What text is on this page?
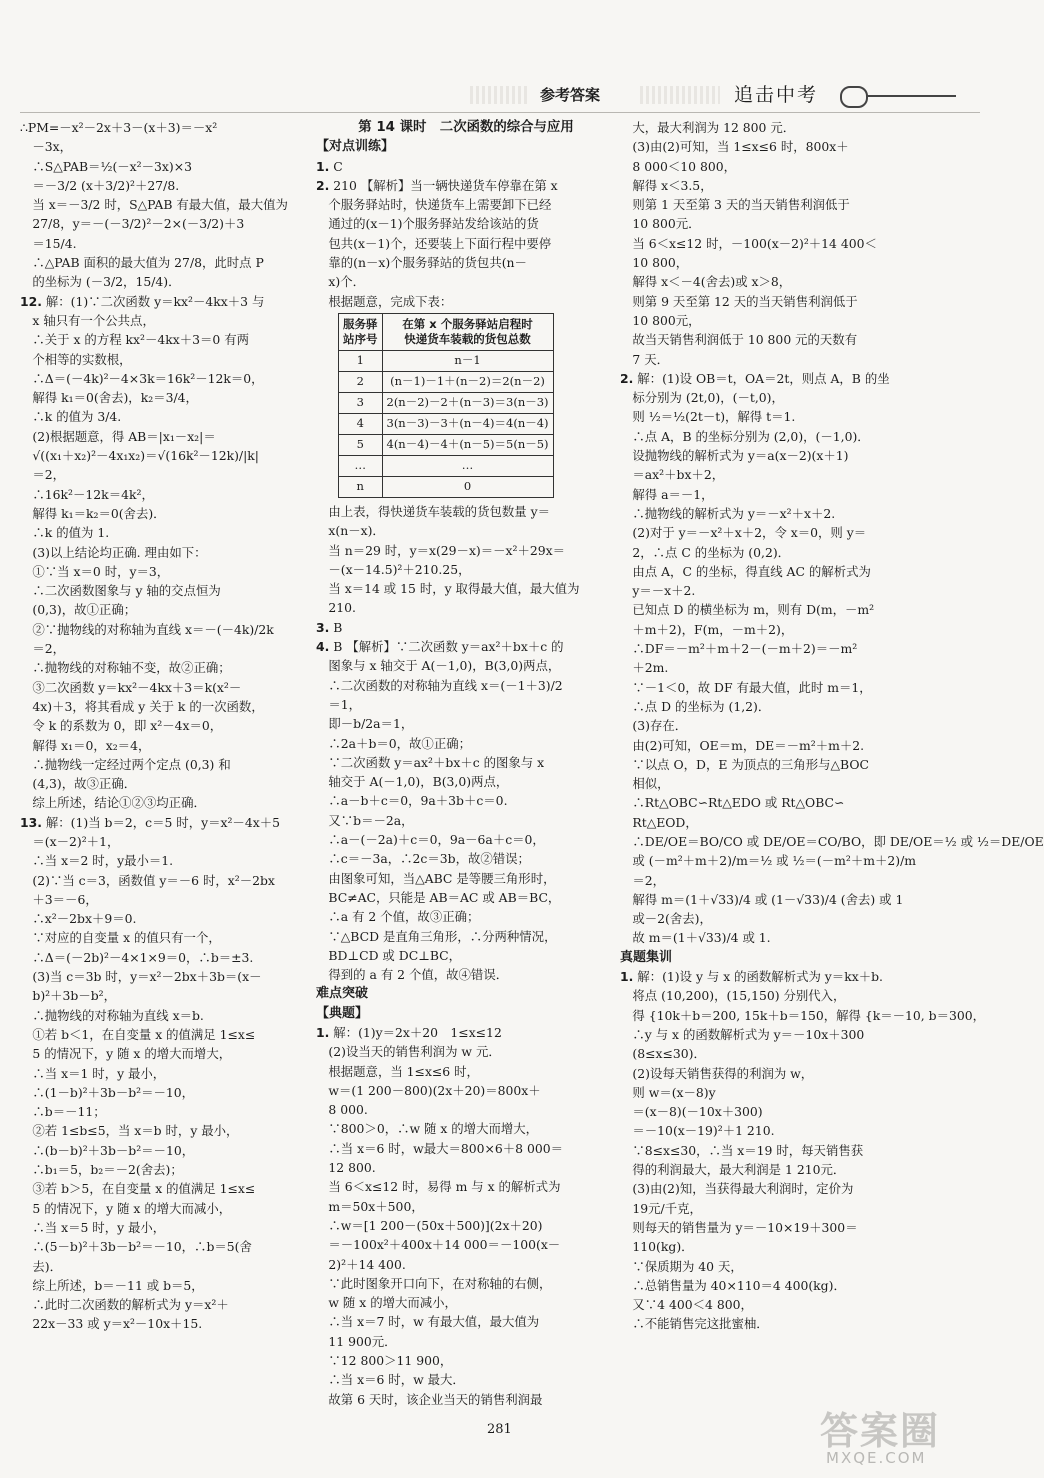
参考答案	追击中考
∴PM=－x²－2x＋3－(x＋3)＝－x²
　－3x，
　∴S△PAB＝½(－x²－3x)×3
　＝－3/2 (x＋3/2)²＋27/8.
　当 x＝－3/2 时，S△PAB 有最大值，最大值为
　27/8，y＝－(－3/2)²－2×(－3/2)＋3
　＝15/4.
　∴△PAB 面积的最大值为 27/8，此时点 P
　的坐标为 (－3/2，15/4)．
12. 解：(1)∵二次函数 y＝kx²－4kx＋3 与
　x 轴只有一个公共点，
　∴关于 x 的方程 kx²－4kx＋3＝0 有两
　个相等的实数根，
　∴Δ＝(－4k)²－4×3k＝16k²－12k＝0，
　解得 k₁＝0(舍去)，k₂＝3/4，
　∴k 的值为 3/4.
　(2)根据题意，得 AB＝|x₁－x₂|＝
　√((x₁＋x₂)²－4x₁x₂)＝√(16k²－12k)/|k|
　＝2，
　∴16k²－12k＝4k²，
　解得 k₁＝k₂＝0(舍去)．
　∴k 的值为 1.
　(3)以上结论均正确. 理由如下：
　①∵当 x＝0 时，y＝3，
　∴二次函数图象与 y 轴的交点恒为
　(0,3)，故①正确；
　②∵抛物线的对称轴为直线 x＝－(－4k)/2k
　＝2，
　∴抛物线的对称轴不变，故②正确；
　③二次函数 y＝kx²－4kx＋3＝k(x²－
　4x)＋3，将其看成 y 关于 k 的一次函数，
　令 k 的系数为 0，即 x²－4x＝0，
　解得 x₁＝0，x₂＝4，
　∴抛物线一定经过两个定点 (0,3) 和
　(4,3)，故③正确．
　综上所述，结论①②③均正确．
13. 解：(1)当 b＝2，c＝5 时，y＝x²－4x＋5
　＝(x－2)²＋1，
　∴当 x＝2 时，y最小＝1.
　(2)∵当 c＝3，函数值 y＝－6 时，x²－2bx
　＋3＝－6，
　∴x²－2bx＋9＝0.
　∵对应的自变量 x 的值只有一个，
　∴Δ＝(－2b)²－4×1×9＝0，∴b＝±3.
　(3)当 c＝3b 时，y＝x²－2bx＋3b＝(x－
　b)²＋3b－b²，
　∴抛物线的对称轴为直线 x＝b.
　①若 b＜1，在自变量 x 的值满足 1≤x≤
　5 的情况下，y 随 x 的增大而增大，
　∴当 x＝1 时，y 最小，
　∴(1－b)²＋3b－b²＝－10，
　∴b＝－11；
　②若 1≤b≤5，当 x＝b 时，y 最小，
　∴(b－b)²＋3b－b²＝－10，
　∴b₁＝5，b₂＝－2(舍去)；
　③若 b＞5，在自变量 x 的值满足 1≤x≤
　5 的情况下，y 随 x 的增大而减小，
　∴当 x＝5 时，y 最小，
　∴(5－b)²＋3b－b²＝－10，∴b＝5(舍
　去)．
　综上所述，b＝－11 或 b＝5，
　∴此时二次函数的解析式为 y＝x²＋
　22x－33 或 y＝x²－10x＋15.
第 14 课时　二次函数的综合与应用
【对点训练】
1. C
2. 210 【解析】当一辆快递货车停靠在第 x
　个服务驿站时，快递货车上需要卸下已经
　通过的(x－1)个服务驿站发给该站的货
　包共(x－1)个，还要装上下面行程中要停
　靠的(n－x)个服务驿站的货包共(n－
　x)个．
　根据题意，完成下表：
服务驿
站序号	在第 x 个服务驿站启程时
快递货车装载的货包总数
1	n－1
2	(n－1)－1＋(n－2)＝2(n－2)
3	2(n－2)－2＋(n－3)＝3(n－3)
4	3(n－3)－3＋(n－4)＝4(n－4)
5	4(n－4)－4＋(n－5)＝5(n－5)
…	…
n	0
　由上表，得快递货车装载的货包数量 y＝
　x(n－x)．
　当 n＝29 时，y＝x(29－x)＝－x²＋29x＝
　－(x－14.5)²＋210.25，
　当 x＝14 或 15 时，y 取得最大值，最大值为
　210.
3. B
4. B 【解析】∵二次函数 y＝ax²＋bx＋c 的
　图象与 x 轴交于 A(－1,0)，B(3,0)两点，
　∴二次函数的对称轴为直线 x＝(－1＋3)/2
　＝1，
　即－b/2a＝1，
　∴2a＋b＝0，故①正确；
　∵二次函数 y＝ax²＋bx＋c 的图象与 x
　轴交于 A(－1,0)，B(3,0)两点，
　∴a－b＋c＝0，9a＋3b＋c＝0.
　又∵b＝－2a，
　∴a－(－2a)＋c＝0，9a－6a＋c＝0，
　∴c＝－3a，∴2c＝3b，故②错误；
　由图象可知，当△ABC 是等腰三角形时，
　BC≠AC，只能是 AB＝AC 或 AB＝BC，
　∴a 有 2 个值，故③正确；
　∵△BCD 是直角三角形，∴分两种情况，
　BD⊥CD 或 DC⊥BC，
　得到的 a 有 2 个值，故④错误．
难点突破
【典题】
1. 解：(1)y＝2x＋20　1≤x≤12
　(2)设当天的销售利润为 w 元．
　根据题意，当 1≤x≤6 时，
　w＝(1 200－800)(2x＋20)＝800x＋
　8 000.
　∵800＞0，∴w 随 x 的增大而增大，
　∴当 x＝6 时，w最大＝800×6＋8 000＝
　12 800.
　当 6＜x≤12 时，易得 m 与 x 的解析式为
　m＝50x＋500，
　∴w＝[1 200－(50x＋500)](2x＋20)
　＝－100x²＋400x＋14 000＝－100(x－
　2)²＋14 400.
　∵此时图象开口向下，在对称轴的右侧，
　w 随 x 的增大而减小，
　∴当 x＝7 时，w 有最大值，最大值为
　11 900元．
　∵12 800＞11 900，
　∴当 x＝6 时，w 最大．
　故第 6 天时，该企业当天的销售利润最
　大，最大利润为 12 800 元．
　(3)由(2)可知，当 1≤x≤6 时，800x＋
　8 000＜10 800，
　解得 x＜3.5，
　则第 1 天至第 3 天的当天销售利润低于
　10 800元．
　当 6＜x≤12 时，－100(x－2)²＋14 400＜
　10 800，
　解得 x＜－4(舍去)或 x＞8，
　则第 9 天至第 12 天的当天销售利润低于
　10 800元，
　故当天销售利润低于 10 800 元的天数有
　7 天．
2. 解：(1)设 OB＝t，OA＝2t，则点 A，B 的坐
　标分别为 (2t,0)，(－t,0)，
　则 ½＝½(2t－t)，解得 t＝1.
　∴点 A，B 的坐标分别为 (2,0)，(－1,0)．
　设抛物线的解析式为 y＝a(x－2)(x＋1)
　＝ax²＋bx＋2，
　解得 a＝－1，
　∴抛物线的解析式为 y＝－x²＋x＋2.
　(2)对于 y＝－x²＋x＋2，令 x＝0，则 y＝
　2，∴点 C 的坐标为 (0,2)．
　由点 A，C 的坐标，得直线 AC 的解析式为
　y＝－x＋2.
　已知点 D 的横坐标为 m，则有 D(m，－m²
　＋m＋2)，F(m，－m＋2)，
　∴DF＝－m²＋m＋2－(－m＋2)＝－m²
　＋2m.
　∵－1＜0，故 DF 有最大值，此时 m＝1，
　∴点 D 的坐标为 (1,2)．
　(3)存在．
　由(2)可知，OE＝m，DE＝－m²＋m＋2.
　∵以点 O，D，E 为顶点的三角形与△BOC
　相似，
　∴Rt△OBC∽Rt△EDO 或 Rt△OBC∽
　Rt△EOD，
　∴DE/OE＝BO/CO 或 DE/OE＝CO/BO，即 DE/OE＝½ 或 ½＝DE/OE
　或 (－m²＋m＋2)/m＝½ 或 ½＝(－m²＋m＋2)/m
　＝2，
　解得 m＝(1＋√33)/4 或 (1－√33)/4 (舍去) 或 1
　或－2(舍去)，
　故 m＝(1＋√33)/4 或 1.
真题集训
1. 解：(1)设 y 与 x 的函数解析式为 y＝kx＋b.
　将点 (10,200)，(15,150) 分别代入，
　得 {10k＋b＝200, 15k＋b＝150，解得 {k＝－10, b＝300，
　∴y 与 x 的函数解析式为 y＝－10x＋300
　(8≤x≤30)．
　(2)设每天销售获得的利润为 w，
　则 w＝(x－8)y
　＝(x－8)(－10x＋300)
　＝－10(x－19)²＋1 210.
　∵8≤x≤30，∴当 x＝19 时，每天销售获
　得的利润最大，最大利润是 1 210元．
　(3)由(2)知，当获得最大利润时，定价为
　19元/千克，
　则每天的销售量为 y＝－10×19＋300＝
　110(kg)．
　∵保质期为 40 天，
　∴总销售量为 40×110＝4 400(kg)．
　又∵4 400＜4 800，
　∴不能销售完这批蜜柚．
281	答案圈
MXQE.COM
